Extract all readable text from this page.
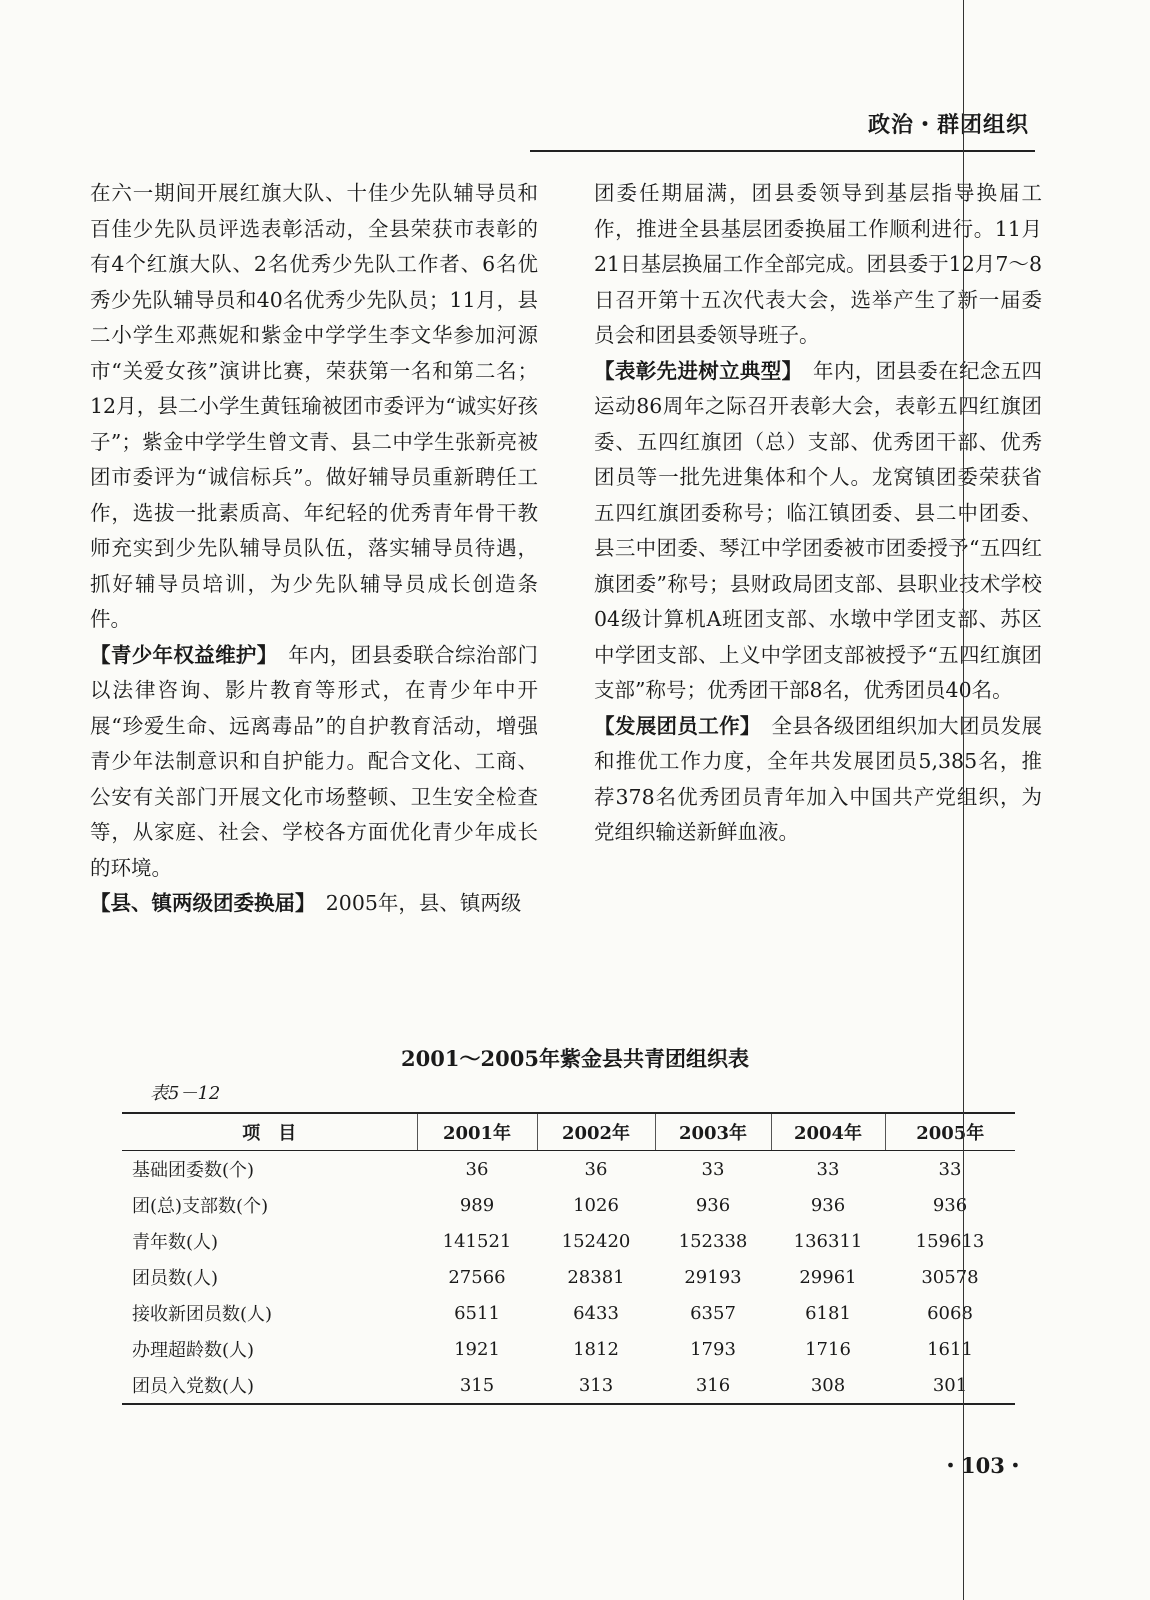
政治・群团组织

在六一期间开展红旗大队、十佳少先队辅导员和百佳少先队员评选表彰活动，全县荣获市表彰的有4个红旗大队、2名优秀少先队工作者、6名优秀少先队辅导员和40名优秀少先队员；11月，县二小学生邓燕妮和紫金中学学生李文华参加河源市“关爱女孩”演讲比赛，荣获第一名和第二名；12月，县二小学生黄钰瑜被团市委评为“诚实好孩子”；紫金中学学生曾文青、县二中学生张新亮被团市委评为“诚信标兵”。做好辅导员重新聘任工作，选拔一批素质高、年纪轻的优秀青年骨干教师充实到少先队辅导员队伍，落实辅导员待遇，抓好辅导员培训，为少先队辅导员成长创造条件。

【青少年权益维护】　年内，团县委联合综治部门以法律咨询、影片教育等形式，在青少年中开展“珍爱生命、远离毒品”的自护教育活动，增强青少年法制意识和自护能力。配合文化、工商、公安有关部门开展文化市场整顿、卫生安全检查等，从家庭、社会、学校各方面优化青少年成长的环境。

【县、镇两级团委换届】　2005年，县、镇两级

团委任期届满，团县委领导到基层指导换届工作，推进全县基层团委换届工作顺利进行。11月21日基层换届工作全部完成。团县委于12月7～8日召开第十五次代表大会，选举产生了新一届委员会和团县委领导班子。

【表彰先进树立典型】　年内，团县委在纪念五四运动86周年之际召开表彰大会，表彰五四红旗团委、五四红旗团（总）支部、优秀团干部、优秀团员等一批先进集体和个人。龙窝镇团委荣获省五四红旗团委称号；临江镇团委、县二中团委、县三中团委、琴江中学团委被市团委授予“五四红旗团委”称号；县财政局团支部、县职业技术学校04级计算机A班团支部、水墩中学团支部、苏区中学团支部、上义中学团支部被授予“五四红旗团支部”称号；优秀团干部8名，优秀团员40名。

【发展团员工作】　全县各级团组织加大团员发展和推优工作力度，全年共发展团员5,385名，推荐378名优秀团员青年加入中国共产党组织，为党组织输送新鲜血液。

2001～2005年紫金县共青团组织表
表5－12
项　目	2001年	2002年	2003年	2004年	2005年
基础团委数(个)	36	36	33	33	33
团(总)支部数(个)	989	1026	936	936	936
青年数(人)	141521	152420	152338	136311	159613
团员数(人)	27566	28381	29193	29961	30578
接收新团员数(人)	6511	6433	6357	6181	6068
办理超龄数(人)	1921	1812	1793	1716	1611
团员入党数(人)	315	313	316	308	301
・103・
